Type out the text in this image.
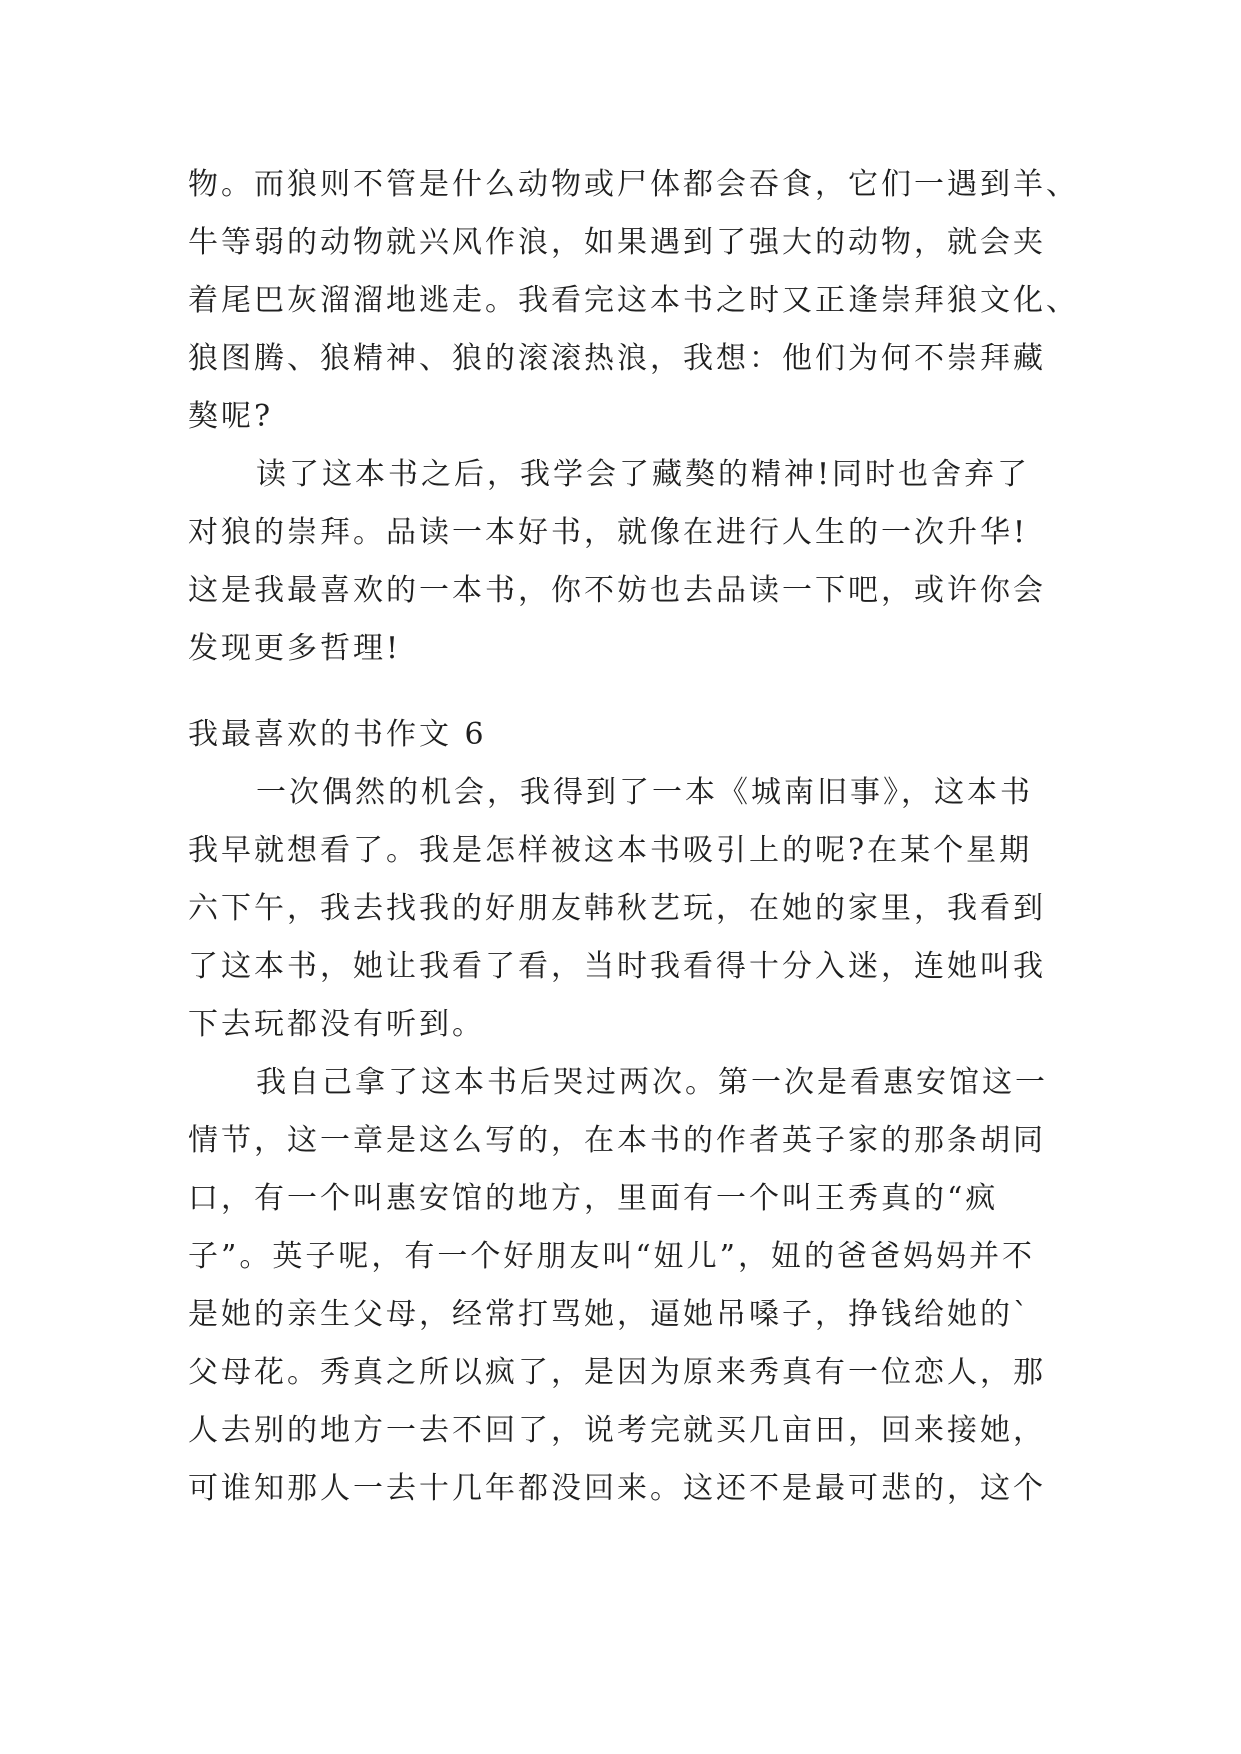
物。而狼则不管是什么动物或尸体都会吞食，它们一遇到羊、
牛等弱的动物就兴风作浪，如果遇到了强大的动物，就会夹
着尾巴灰溜溜地逃走。我看完这本书之时又正逢崇拜狼文化、
狼图腾、狼精神、狼的滚滚热浪，我想：他们为何不崇拜藏
獒呢?
读了这本书之后，我学会了藏獒的精神!同时也舍弃了
对狼的崇拜。品读一本好书，就像在进行人生的一次升华!
这是我最喜欢的一本书，你不妨也去品读一下吧，或许你会
发现更多哲理!
我最喜欢的书作文 6
一次偶然的机会，我得到了一本《城南旧事》，这本书
我早就想看了。我是怎样被这本书吸引上的呢?在某个星期
六下午，我去找我的好朋友韩秋艺玩，在她的家里，我看到
了这本书，她让我看了看，当时我看得十分入迷，连她叫我
下去玩都没有听到。
我自己拿了这本书后哭过两次。第一次是看惠安馆这一
情节，这一章是这么写的，在本书的作者英子家的那条胡同
口，有一个叫惠安馆的地方，里面有一个叫王秀真的“疯
子”。英子呢，有一个好朋友叫“妞儿”，妞的爸爸妈妈并不
是她的亲生父母，经常打骂她，逼她吊嗓子，挣钱给她的`
父母花。秀真之所以疯了，是因为原来秀真有一位恋人，那
人去别的地方一去不回了，说考完就买几亩田，回来接她，
可谁知那人一去十几年都没回来。这还不是最可悲的，这个
